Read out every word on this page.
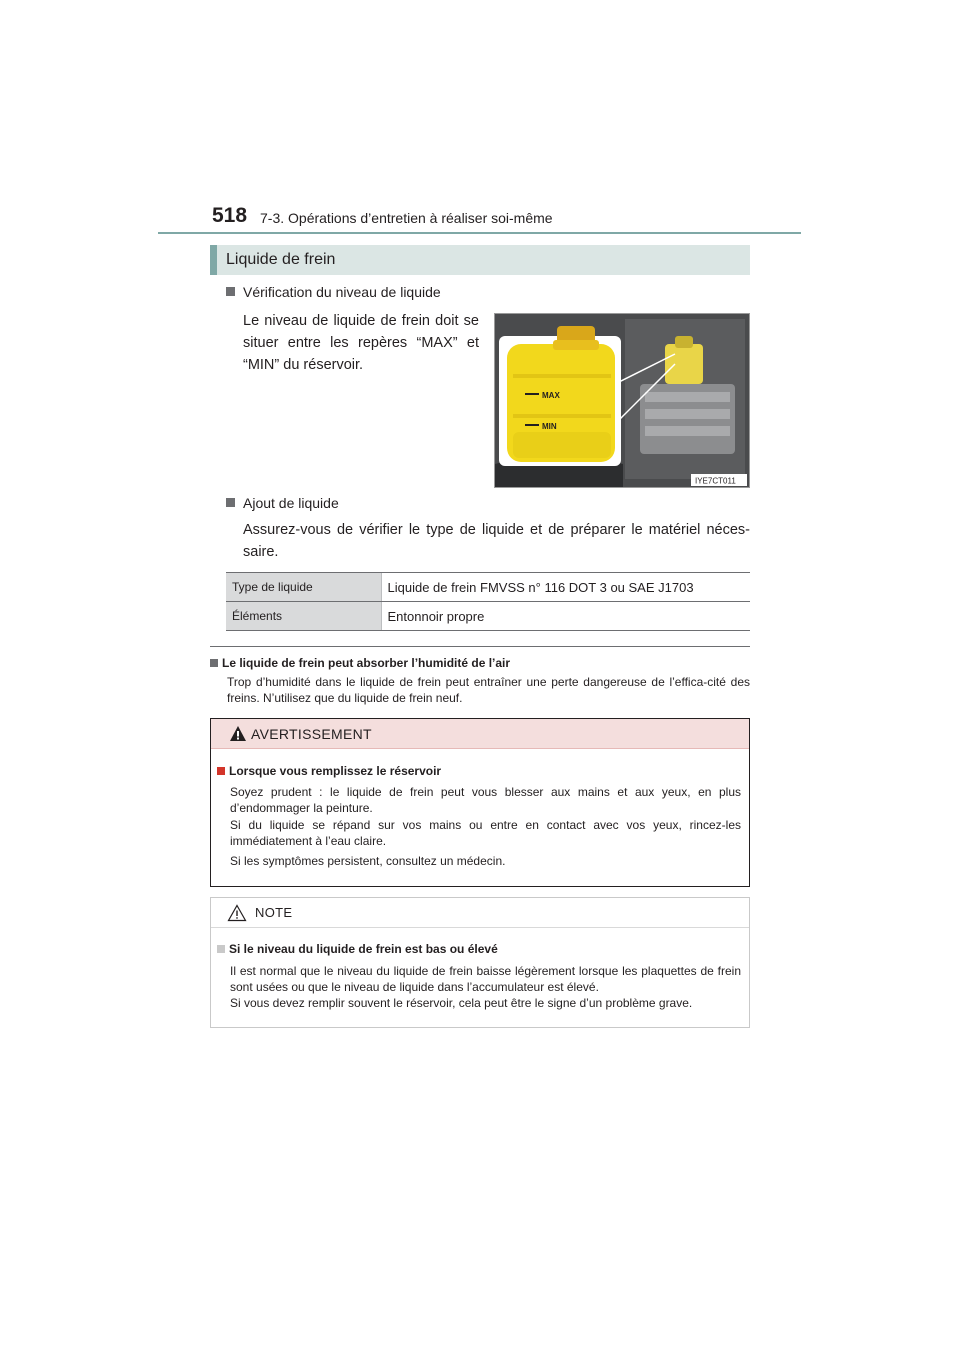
518 7-3. Opérations d’entretien à réaliser soi-même
Liquide de frein
Vérification du niveau de liquide
Le niveau de liquide de frein doit se situer entre les repères “MAX” et “MIN” du réservoir.
MAX
MIN
IYE7CT011
Ajout de liquide
Assurez-vous de vérifier le type de liquide et de préparer le matériel néces-saire.
Type de liquide	Liquide de frein FMVSS n° 116 DOT 3 ou SAE J1703
Éléments	Entonnoir propre
Le liquide de frein peut absorber l’humidité de l’air
Trop d’humidité dans le liquide de frein peut entraîner une perte dangereuse de l’effica-cité des freins. N’utilisez que du liquide de frein neuf.
AVERTISSEMENT
Lorsque vous remplissez le réservoir
Soyez prudent : le liquide de frein peut vous blesser aux mains et aux yeux, en plus d’endommager la peinture.
Si du liquide se répand sur vos mains ou entre en contact avec vos yeux, rincez-les immédiatement à l’eau claire.
Si les symptômes persistent, consultez un médecin.
NOTE
Si le niveau du liquide de frein est bas ou élevé
Il est normal que le niveau du liquide de frein baisse légèrement lorsque les plaquettes de frein sont usées ou que le niveau de liquide dans l’accumulateur est élevé.
Si vous devez remplir souvent le réservoir, cela peut être le signe d’un problème grave.
